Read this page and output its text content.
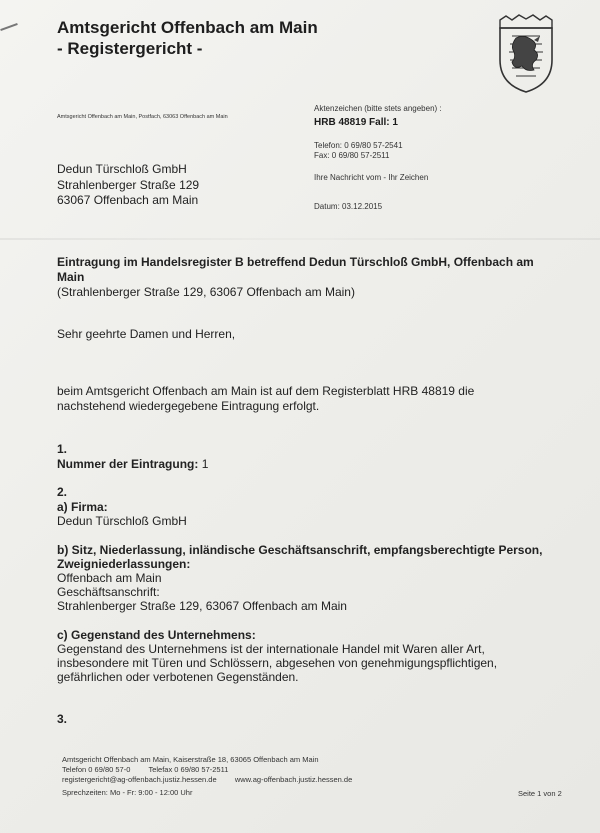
Amtsgericht Offenbach am Main
- Registergericht -
Amtsgericht Offenbach am Main, Postfach, 63063 Offenbach am Main
Aktenzeichen (bitte stets angeben) :
HRB 48819 Fall: 1
Telefon: 0 69/80 57-2541
Fax: 0 69/80 57-2511
Ihre Nachricht vom - Ihr Zeichen
Datum: 03.12.2015
Dedun Türschloß GmbH
Strahlenberger Straße 129
63067 Offenbach am Main
Eintragung im Handelsregister B betreffend Dedun Türschloß GmbH, Offenbach am
Main
(Strahlenberger Straße 129, 63067 Offenbach am Main)
Sehr geehrte Damen und Herren,
beim Amtsgericht Offenbach am Main ist auf dem Registerblatt HRB 48819 die
nachstehend wiedergegebene Eintragung erfolgt.
1.
Nummer der Eintragung: 1
2.
a) Firma:
Dedun Türschloß GmbH
b) Sitz, Niederlassung, inländische Geschäftsanschrift, empfangsberechtigte Person,
Zweigniederlassungen:
Offenbach am Main
Geschäftsanschrift:
Strahlenberger Straße 129, 63067 Offenbach am Main
c) Gegenstand des Unternehmens:
Gegenstand des Unternehmens ist der internationale Handel mit Waren aller Art,
insbesondere mit Türen und Schlössern, abgesehen von genehmigungspflichtigen,
gefährlichen oder verbotenen Gegenständen.
3.
Amtsgericht Offenbach am Main, Kaiserstraße 18, 63065 Offenbach am Main
Telefon 0 69/80 57-0 Telefax 0 69/80 57-2511
registergericht@ag-offenbach.justiz.hessen.de www.ag-offenbach.justiz.hessen.de
Sprechzeiten: Mo - Fr: 9:00 - 12:00 Uhr	Seite 1 von 2
